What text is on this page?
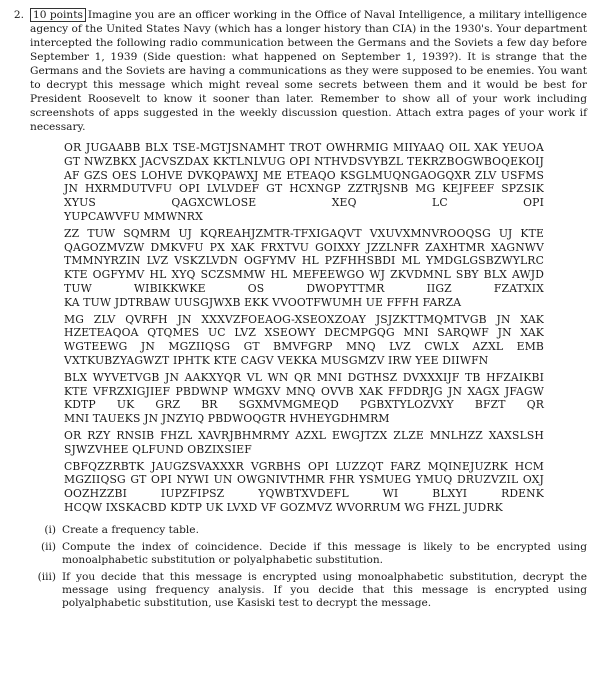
2. 10 points Imagine you are an officer working in the Office of Naval Intelligence, a military intelligence agency of the United States Navy (which has a longer history than CIA) in the 1930's. Your department intercepted the following radio communication between the Germans and the Soviets a few day before September 1, 1939 (Side question: what happened on September 1, 1939?). It is strange that the Germans and the Soviets are having a communications as they were supposed to be enemies. You want to decrypt this message which might reveal some secrets between them and it would be best for President Roosevelt to know it sooner than later. Remember to show all of your work including screenshots of apps suggested in the weekly discussion question. Attach extra pages of your work if necessary.

OR JUGAABB BLX TSE-MGTJSNAMHT TROT OWHRMIG MIIYAAQ OIL XAK YEUOA GT NWZBKX JACVSZDAX KKTLNLVUG OPI NTHVDSVYBZL TEKRZBOGWBOQEKOIJ AF GZS OES LOHVE DVKQPAWXJ ME ETEAQO KSGLMUQNGAOGQXR ZLV USFMS JN HXRMDUTVFU OPI LVLVDEF GT HCXNGP ZZTRJSNB MG KEJFEEF SPZSIK XYUS QAGXCWLOSE XEQ LC OPI
YUPCAWVFU MMWNRX

ZZ TUW SQMRM UJ KQREAHJZMTR-TFXIGAQVT VXUVXMNVROOQSG UJ KTE QAGOZMVZW DMKVFU PX XAK FRXTVU GOIXXY JZZLNFR ZAXHTMR XAGNWV TMMNYRZIN LVZ VSKZLVDN OGFYMV HL PZFHHSBDI ML YMDGLGSBZWYLRC KTE OGFYMV HL XYQ SCZSMMW HL MEFEEWGO WJ ZKVDMNL SBY BLX AWJD TUW WIBIKKWKE OS DWOPYTTMR IIGZ FZATXIX
KA TUW JDTRBAW UUSGJWXB EKK VVOOTFWUMH UE FFFH FARZA

MG ZLV QVRFH JN XXXVZFOEAOG-XSEOXZOAY JSJZKTTMQMTVGB JN XAK HZETEAQOA QTQMES UC LVZ XSEOWY DECMPGQG MNI SARQWF JN XAK WGTEEWG JN MGZIIQSG GT BMVFGRP MNQ LVZ CWLX AZXL EMB
VXTKUBZYAGWZT IPHTK KTE CAGV VEKKA MUSGMZV IRW YEE DIIWFN

BLX WYVETVGB JN AAKXYQR VL WN QR MNI DGTHSZ DVXXXIJF TB HFZAIKBI KTE VFRZXIGJIEF PBDWNP WMGXV MNQ OVVB XAK FFDDRJG JN XAGX JFAGW KDTP UK GRZ BR SGXMVMGMEQD PGBXTYLOZVXY BFZT QR
MNI TAUEKS JN JNZYIQ PBDWOQGTR HVHEYGDHMRM

OR RZY RNSIB FHZL XAVRJBHMRMY AZXL EWGJTZX ZLZE MNLHZZ XAXSLSH
SJWZVHEE QLFUND OBZIXSIEF

CBFQZZRBTK JAUGZSVAXXXR VGRBHS OPI LUZZQT FARZ MQINEJUZRK HCM MGZIIQSG GT OPI NYWI UN OWGNIVTHMR FHR YSMUEG YMUQ DRUZVZIL OXJ OOZHZZBI IUPZFIPSZ YQWBTXVDEFL WI BLXYI RDENK
HCQW IXSKACBD KDTP UK LVXD VF GOZMVZ WVORRUM WG FHZL JUDRK

(i) Create a frequency table.
(ii) Compute the index of coincidence. Decide if this message is likely to be encrypted using monoalphabetic substitution or polyalphabetic substitution.
(iii) If you decide that this message is encrypted using monoalphabetic substitution, decrypt the message using frequency analysis. If you decide that this message is encrypted using polyalphabetic substitution, use Kasiski test to decrypt the message.
